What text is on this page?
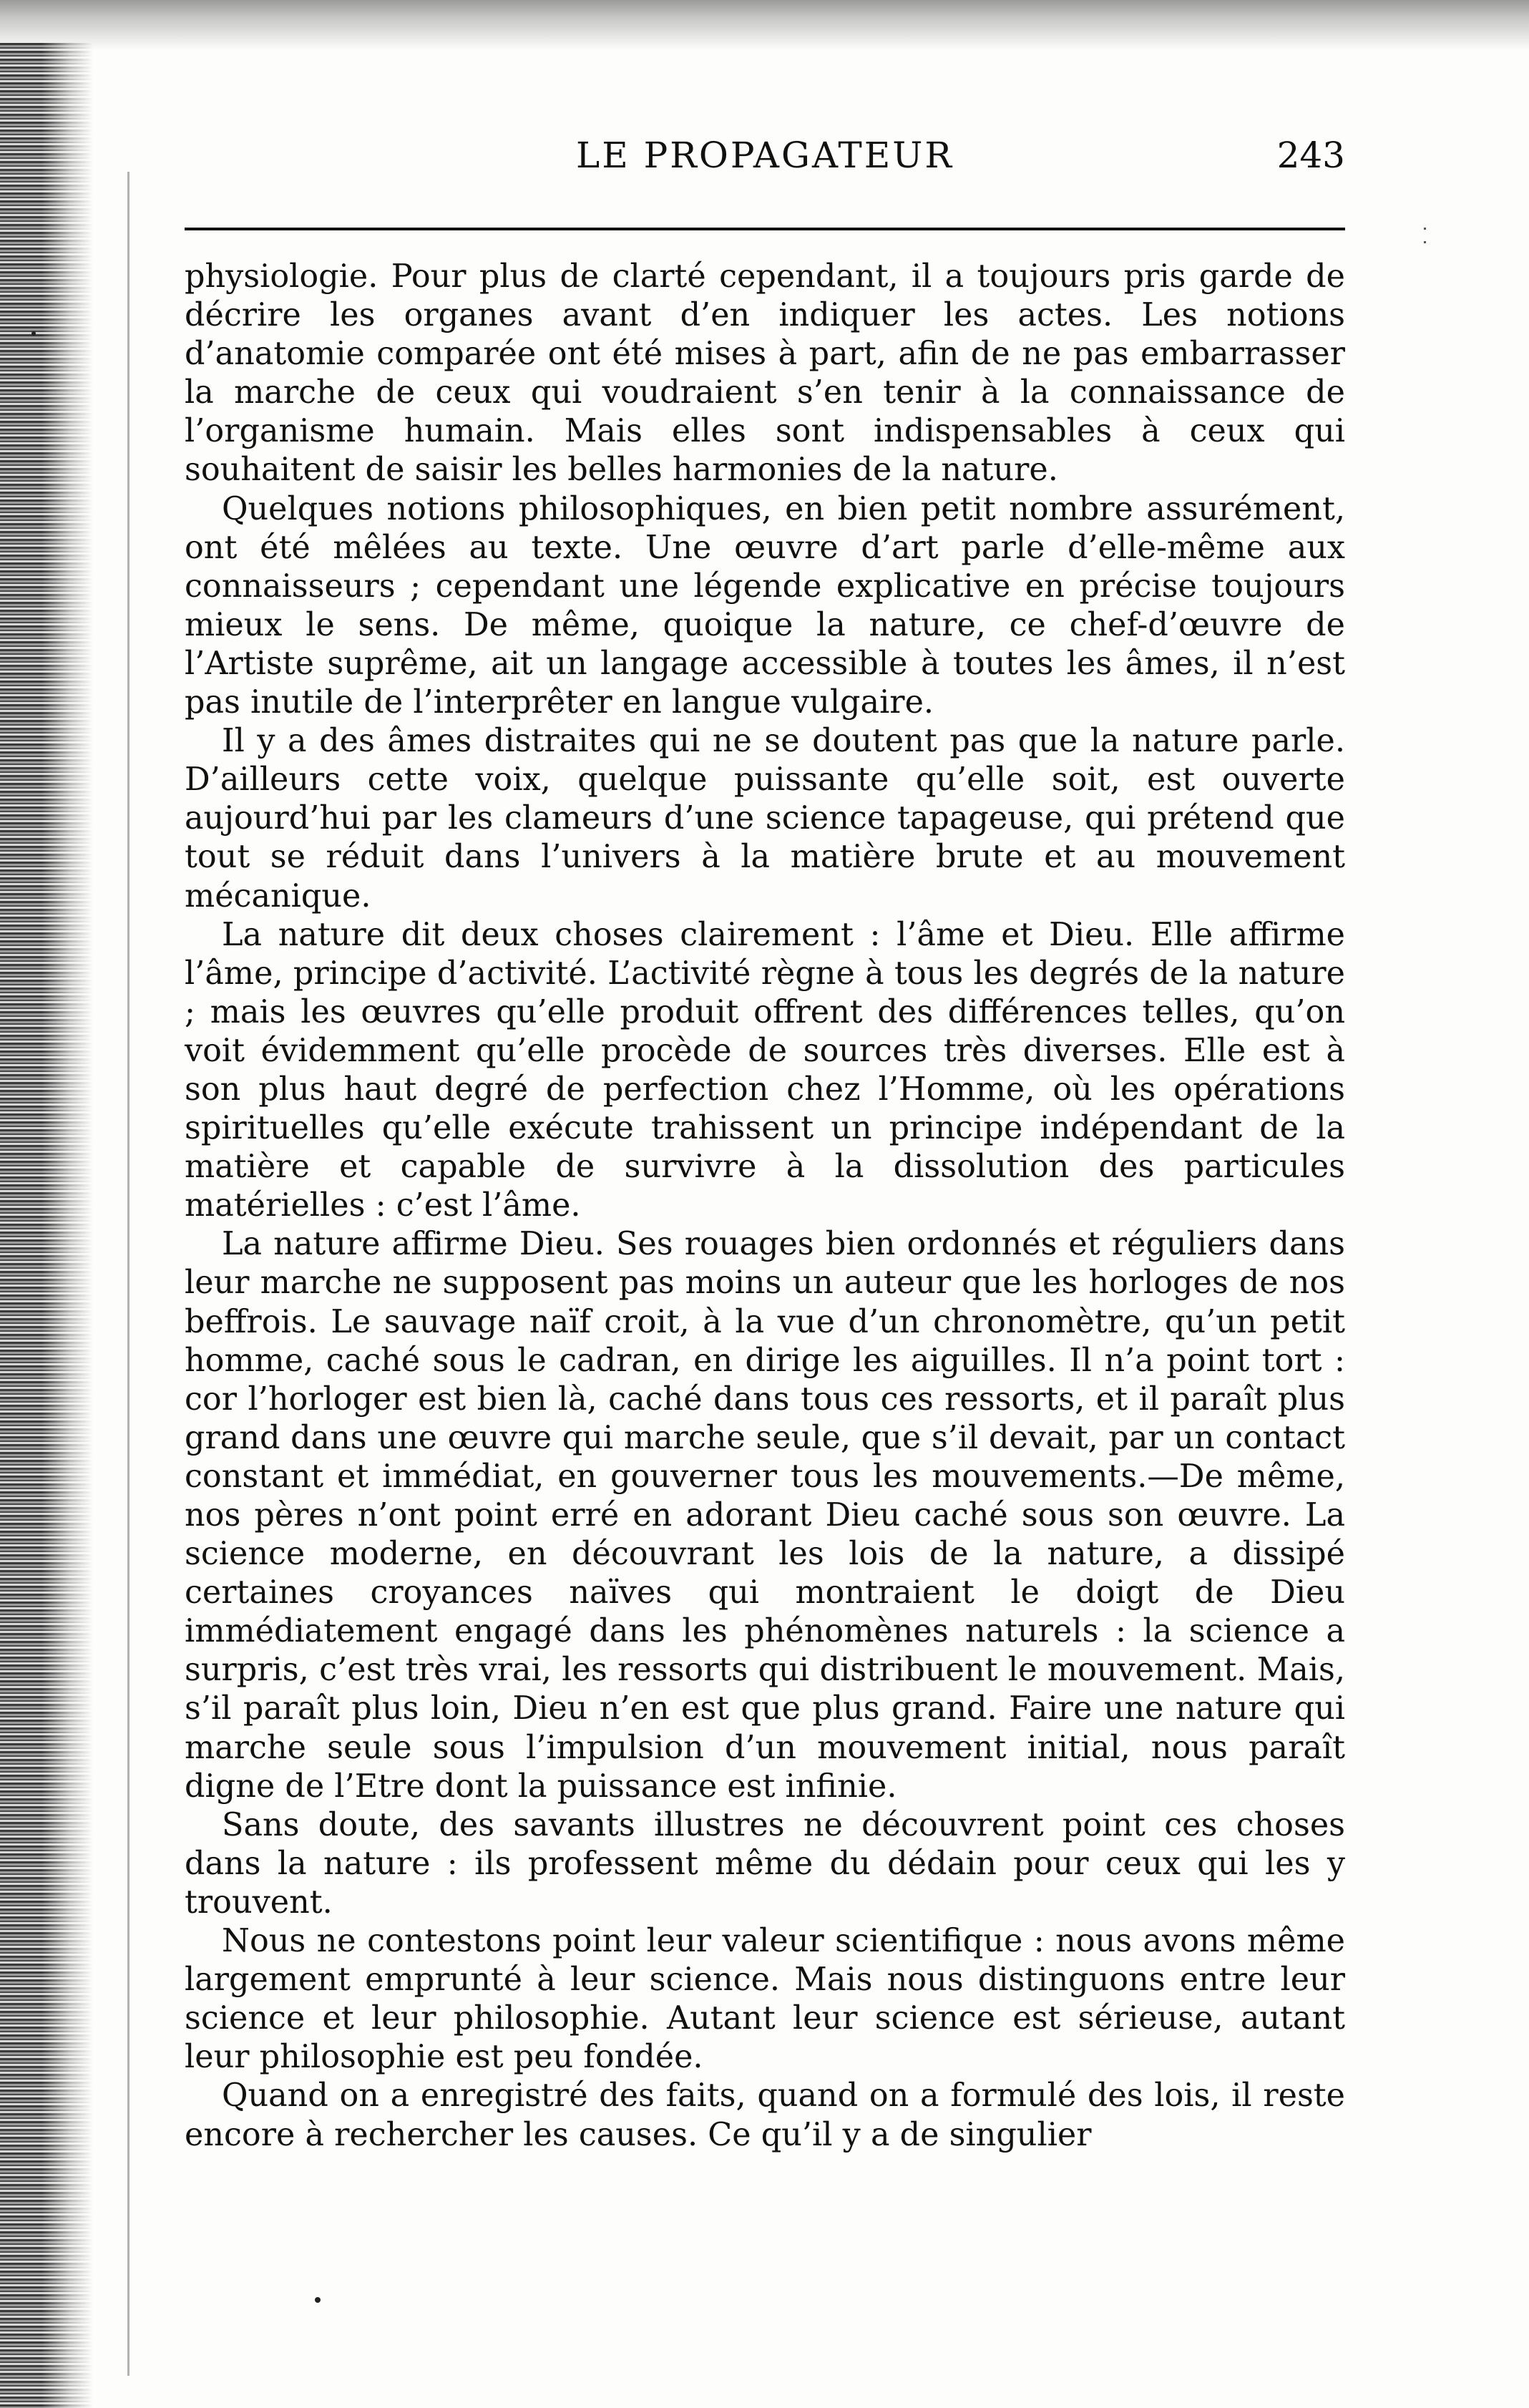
LE PROPAGATEUR	243

physiologie. Pour plus de clarté cependant, il a toujours pris garde de décrire les organes avant d’en indiquer les actes. Les notions d’anatomie comparée ont été mises à part, afin de ne pas embarrasser la marche de ceux qui voudraient s’en tenir à la connaissance de l’organisme humain. Mais elles sont indispensables à ceux qui souhaitent de saisir les belles harmonies de la nature.

Quelques notions philosophiques, en bien petit nombre assurément, ont été mêlées au texte. Une œuvre d’art parle d’elle-même aux connaisseurs ; cependant une légende explicative en précise toujours mieux le sens. De même, quoique la nature, ce chef-d’œuvre de l’Artiste suprême, ait un langage accessible à toutes les âmes, il n’est pas inutile de l’interprêter en langue vulgaire.

Il y a des âmes distraites qui ne se doutent pas que la nature parle. D’ailleurs cette voix, quelque puissante qu’elle soit, est ouverte aujourd’hui par les clameurs d’une science tapageuse, qui prétend que tout se réduit dans l’univers à la matière brute et au mouvement mécanique.

La nature dit deux choses clairement : l’âme et Dieu. Elle affirme l’âme, principe d’activité. L’activité règne à tous les degrés de la nature ; mais les œuvres qu’elle produit offrent des différences telles, qu’on voit évidemment qu’elle procède de sources très diverses. Elle est à son plus haut degré de perfection chez l’Homme, où les opérations spirituelles qu’elle exécute trahissent un principe indépendant de la matière et capable de survivre à la dissolution des particules matérielles : c’est l’âme.

La nature affirme Dieu. Ses rouages bien ordonnés et réguliers dans leur marche ne supposent pas moins un auteur que les horloges de nos beffrois. Le sauvage naïf croit, à la vue d’un chronomètre, qu’un petit homme, caché sous le cadran, en dirige les aiguilles. Il n’a point tort : cor l’horloger est bien là, caché dans tous ces ressorts, et il paraît plus grand dans une œuvre qui marche seule, que s’il devait, par un contact constant et immédiat, en gouverner tous les mouvements.—De même, nos pères n’ont point erré en adorant Dieu caché sous son œuvre. La science moderne, en découvrant les lois de la nature, a dissipé certaines croyances naïves qui montraient le doigt de Dieu immédiatement engagé dans les phénomènes naturels : la science a surpris, c’est très vrai, les ressorts qui distribuent le mouvement. Mais, s’il paraît plus loin, Dieu n’en est que plus grand. Faire une nature qui marche seule sous l’impulsion d’un mouvement initial, nous paraît digne de l’Etre dont la puissance est infinie.

Sans doute, des savants illustres ne découvrent point ces choses dans la nature : ils professent même du dédain pour ceux qui les y trouvent.

Nous ne contestons point leur valeur scientifique : nous avons même largement emprunté à leur science. Mais nous distinguons entre leur science et leur philosophie. Autant leur science est sérieuse, autant leur philosophie est peu fondée.

Quand on a enregistré des faits, quand on a formulé des lois, il reste encore à rechercher les causes. Ce qu’il y a de singulier
